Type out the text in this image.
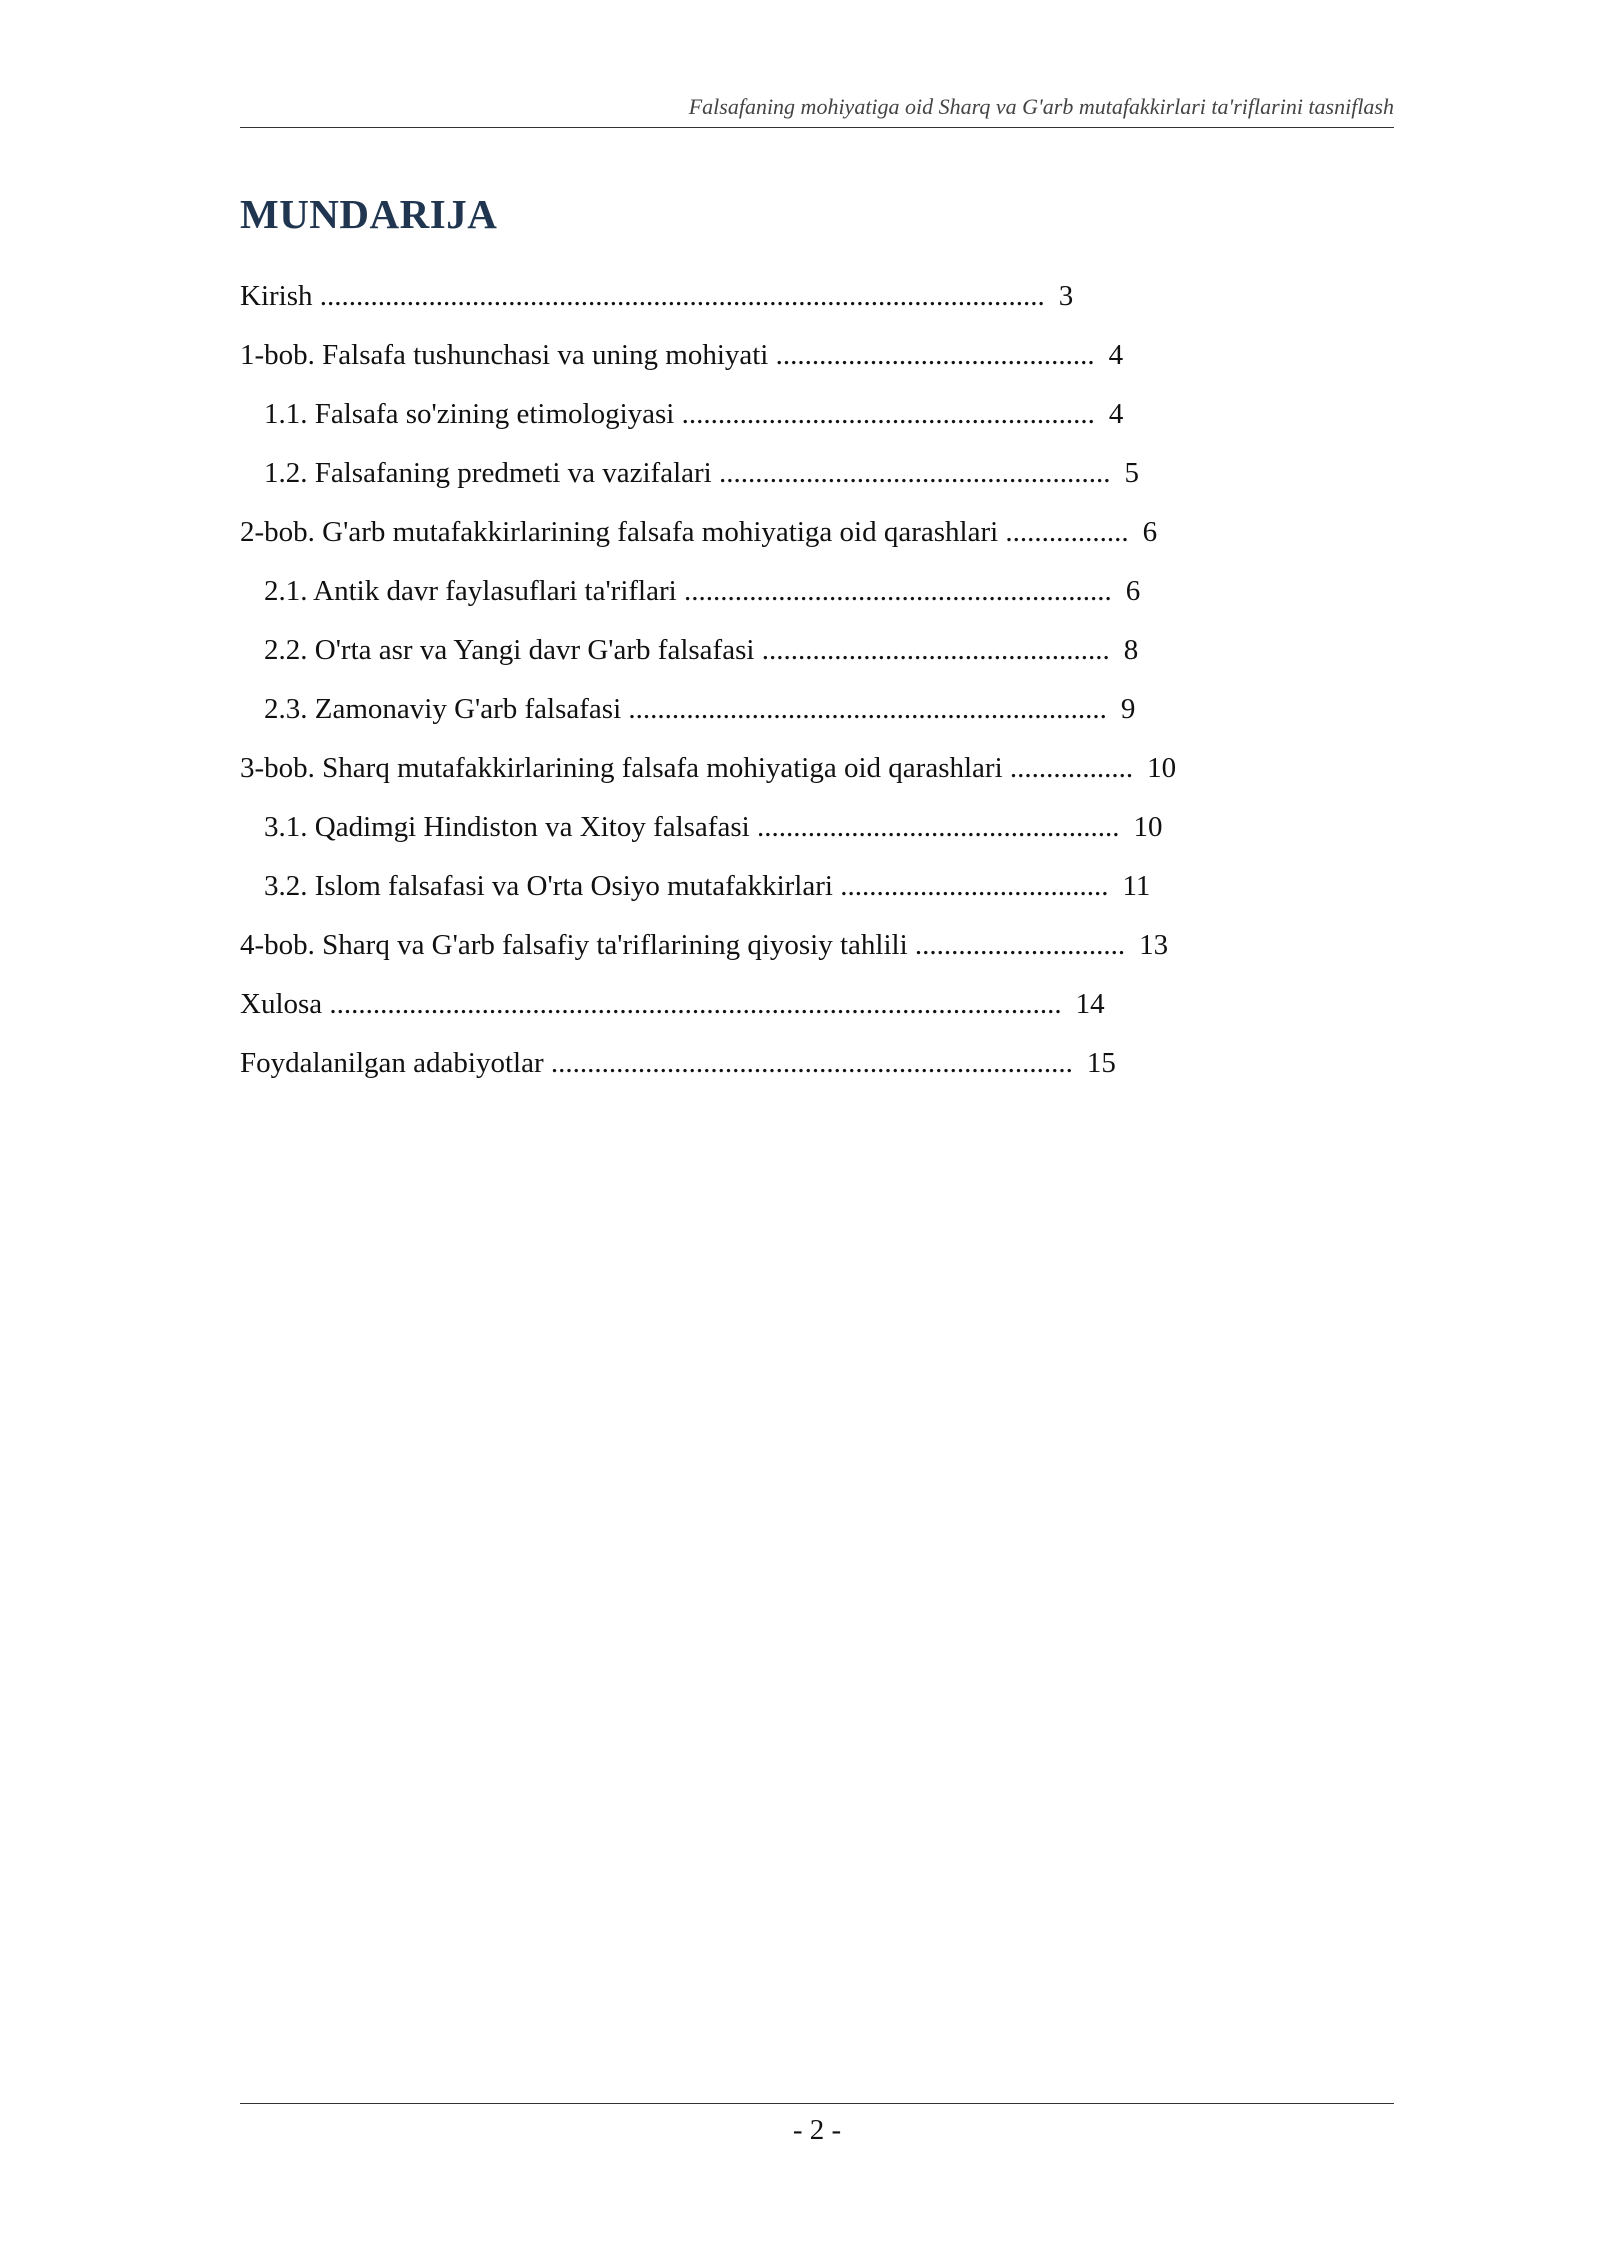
Falsafaning mohiyatiga oid Sharq va G'arb mutafakkirlari ta'riflarini tasniflash
MUNDARIJA
Kirish .................................................................................................... 3
1-bob. Falsafa tushunchasi va uning mohiyati ............................................ 4
1.1. Falsafa so'zining etimologiyasi ......................................................... 4
1.2. Falsafaning predmeti va vazifalari ...................................................... 5
2-bob. G'arb mutafakkirlarining falsafa mohiyatiga oid qarashlari ................. 6
2.1. Antik davr faylasuflari ta'riflari ........................................................... 6
2.2. O'rta asr va Yangi davr G'arb falsafasi ................................................ 8
2.3. Zamonaviy G'arb falsafasi .................................................................. 9
3-bob. Sharq mutafakkirlarining falsafa mohiyatiga oid qarashlari ................. 10
3.1. Qadimgi Hindiston va Xitoy falsafasi .................................................. 10
3.2. Islom falsafasi va O'rta Osiyo mutafakkirlari ..................................... 11
4-bob. Sharq va G'arb falsafiy ta'riflarining qiyosiy tahlili ............................. 13
Xulosa ..................................................................................................... 14
Foydalanilgan adabiyotlar ........................................................................ 15
- 2 -
